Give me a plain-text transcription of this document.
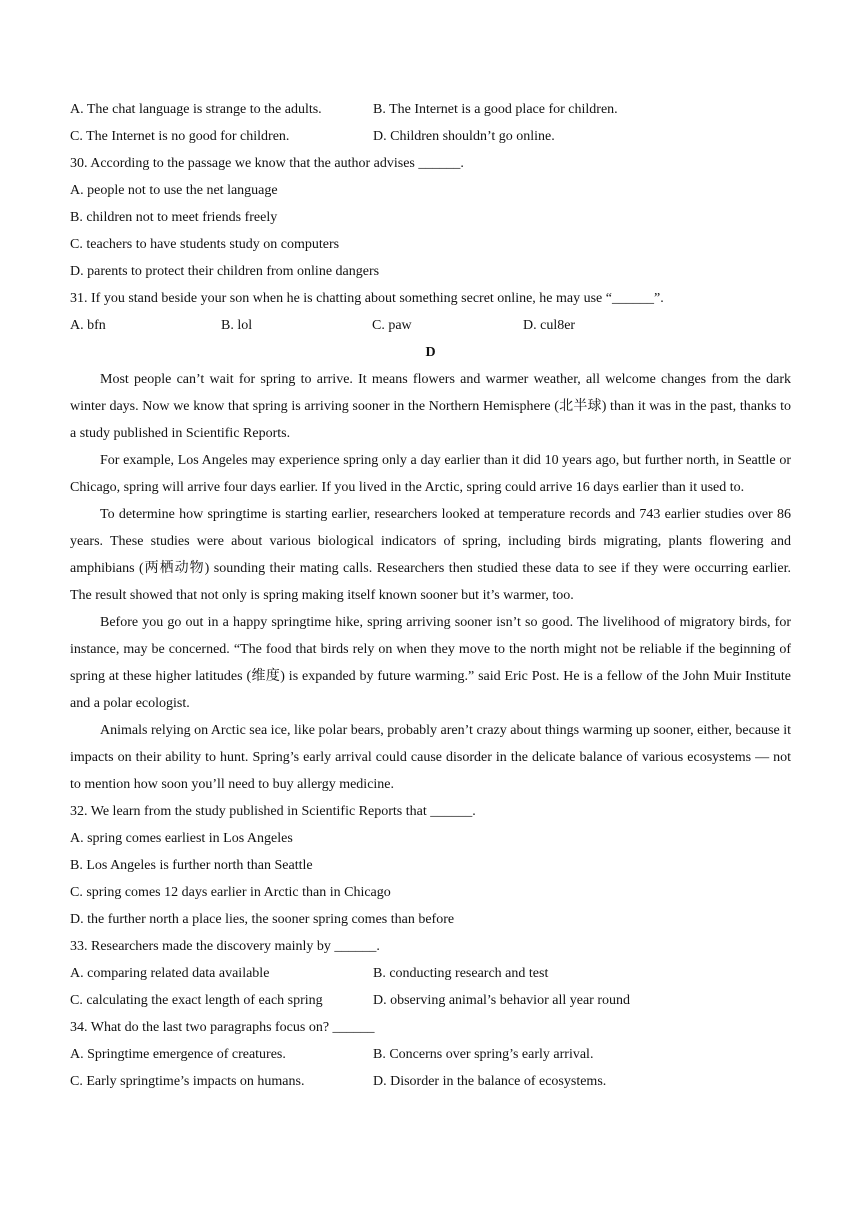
A. The chat language is strange to the adults.	B. The Internet is a good place for children.
C. The Internet is no good for children.	D. Children shouldn’t go online.
30. According to the passage we know that the author advises ______.
A. people not to use the net language
B. children not to meet friends freely
C. teachers to have students study on computers
D. parents to protect their children from online dangers
31. If you stand beside your son when he is chatting about something secret online, he may use “______”.
A. bfn	B. lol	C. paw	D. cul8er
D

Most people can’t wait for spring to arrive. It means flowers and warmer weather, all welcome changes from the dark winter days. Now we know that spring is arriving sooner in the Northern Hemisphere (北半球) than it was in the past, thanks to a study published in Scientific Reports.

For example, Los Angeles may experience spring only a day earlier than it did 10 years ago, but further north, in Seattle or Chicago, spring will arrive four days earlier. If you lived in the Arctic, spring could arrive 16 days earlier than it used to.

To determine how springtime is starting earlier, researchers looked at temperature records and 743 earlier studies over 86 years. These studies were about various biological indicators of spring, including birds migrating, plants flowering and amphibians (两栖动物) sounding their mating calls. Researchers then studied these data to see if they were occurring earlier. The result showed that not only is spring making itself known sooner but it’s warmer, too.

Before you go out in a happy springtime hike, spring arriving sooner isn’t so good. The livelihood of migratory birds, for instance, may be concerned. “The food that birds rely on when they move to the north might not be reliable if the beginning of spring at these higher latitudes (维度) is expanded by future warming.” said Eric Post. He is a fellow of the John Muir Institute and a polar ecologist.

Animals relying on Arctic sea ice, like polar bears, probably aren’t crazy about things warming up sooner, either, because it impacts on their ability to hunt. Spring’s early arrival could cause disorder in the delicate balance of various ecosystems — not to mention how soon you’ll need to buy allergy medicine.

32. We learn from the study published in Scientific Reports that ______.
A. spring comes earliest in Los Angeles
B. Los Angeles is further north than Seattle
C. spring comes 12 days earlier in Arctic than in Chicago
D. the further north a place lies, the sooner spring comes than before
33. Researchers made the discovery mainly by ______.
A. comparing related data available	B. conducting research and test
C. calculating the exact length of each spring	D. observing animal’s behavior all year round
34. What do the last two paragraphs focus on? ______
A. Springtime emergence of creatures.	B. Concerns over spring’s early arrival.
C. Early springtime’s impacts on humans.	D. Disorder in the balance of ecosystems.
